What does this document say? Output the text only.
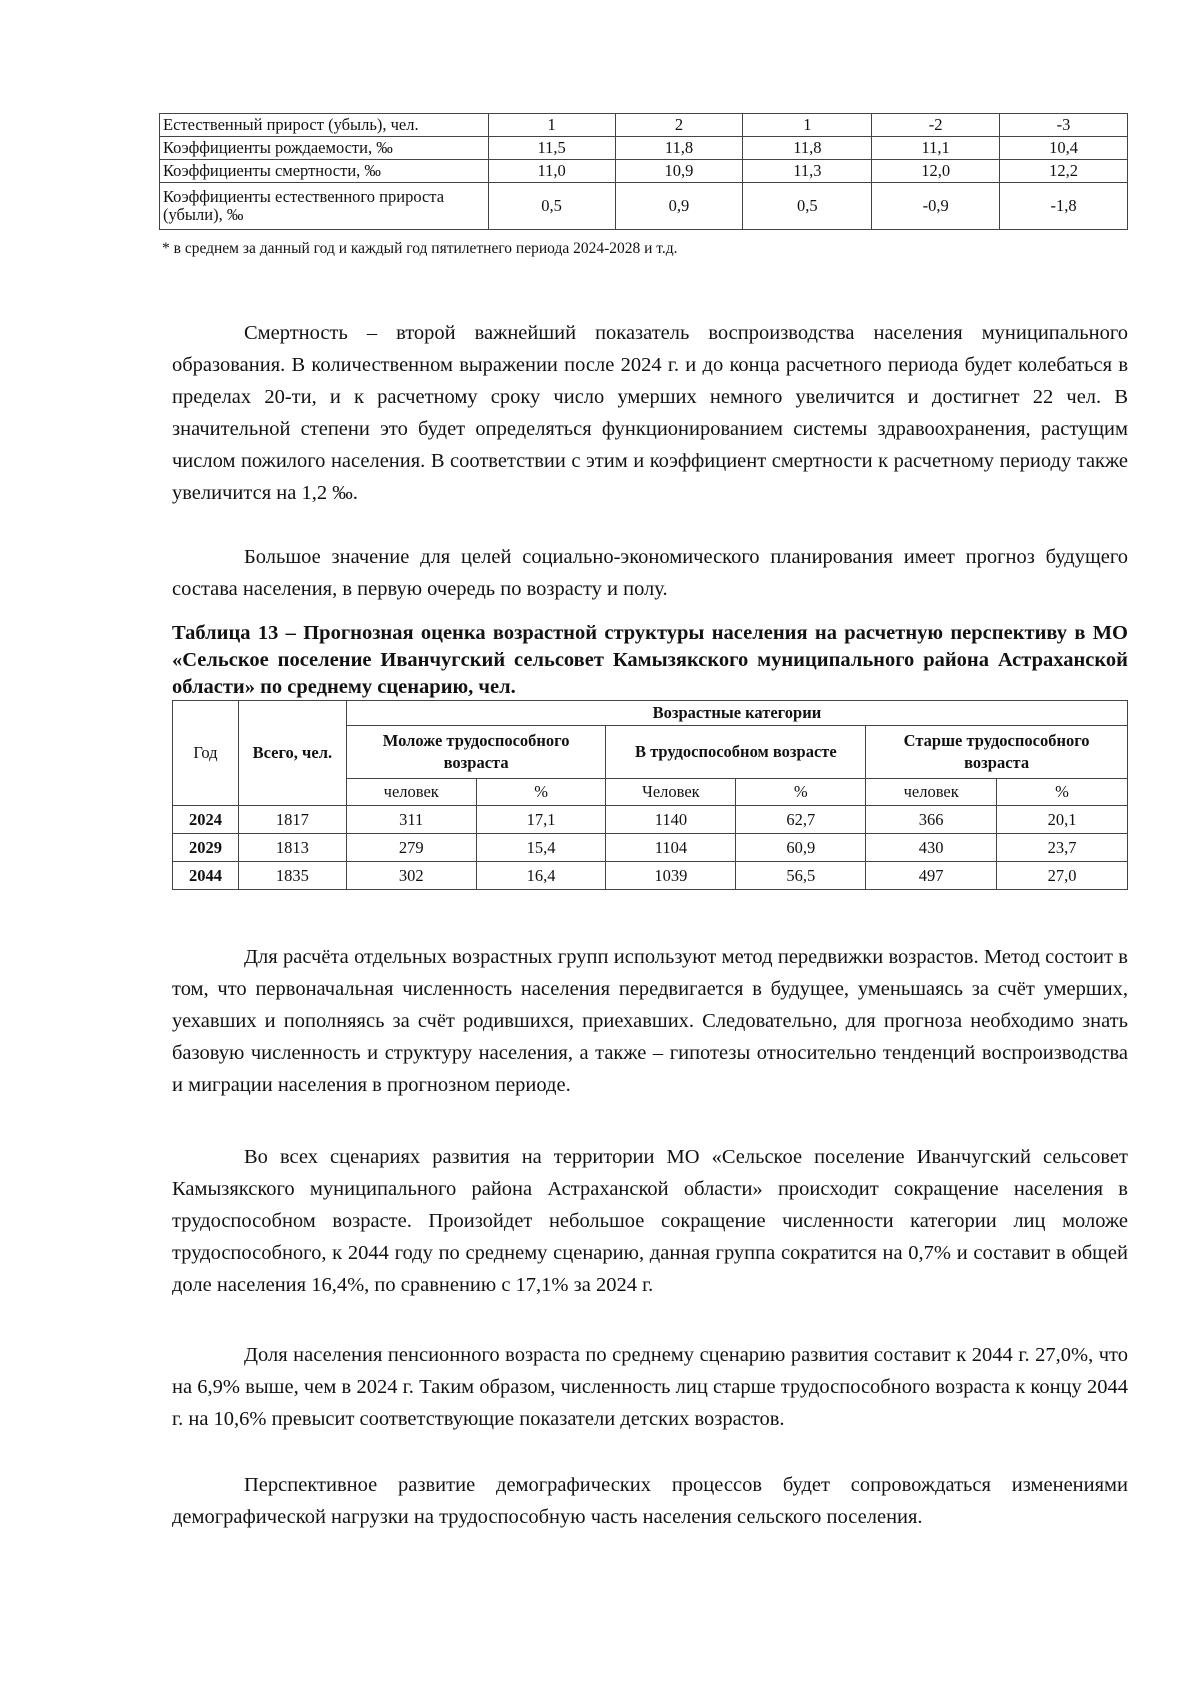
Естественный прирост (убыль), чел.	1	2	1	-2	-3
Коэффициенты рождаемости, ‰	11,5	11,8	11,8	11,1	10,4
Коэффициенты смертности, ‰	11,0	10,9	11,3	12,0	12,2
Коэффициенты естественного прироста (убыли), ‰	0,5	0,9	0,5	-0,9	-1,8
* в среднем за данный год и каждый год пятилетнего периода 2024-2028 и т.д.

Смертность – второй важнейший показатель воспроизводства населения муниципального образования. В количественном выражении после 2024 г. и до конца расчетного периода будет колебаться в пределах 20-ти, и к расчетному сроку число умерших немного увеличится и достигнет 22 чел. В значительной степени это будет определяться функционированием системы здравоохранения, растущим числом пожилого населения. В соответствии с этим и коэффициент смертности к расчетному периоду также увеличится на 1,2 ‰.

Большое значение для целей социально-экономического планирования имеет прогноз будущего состава населения, в первую очередь по возрасту и полу.

Таблица 13 – Прогнозная оценка возрастной структуры населения на расчетную перспективу в МО «Сельское поселение Иванчугский сельсовет Камызякского муниципального района Астраханской области» по среднему сценарию, чел.
Год	Всего, чел.	Возрастные категории					
		Моложе трудоспособного возраста		В трудоспособном возрасте		Старше трудоспособного возраста	
		человек	%	Человек	%	человек	%
2024	1817	311	17,1	1140	62,7	366	20,1
2029	1813	279	15,4	1104	60,9	430	23,7
2044	1835	302	16,4	1039	56,5	497	27,0

Для расчёта отдельных возрастных групп используют метод передвижки возрастов. Метод состоит в том, что первоначальная численность населения передвигается в будущее, уменьшаясь за счёт умерших, уехавших и пополняясь за счёт родившихся, приехавших. Следовательно, для прогноза необходимо знать базовую численность и структуру населения, а также – гипотезы относительно тенденций воспроизводства и миграции населения в прогнозном периоде.

Во всех сценариях развития на территории МО «Сельское поселение Иванчугский сельсовет Камызякского муниципального района Астраханской области» происходит сокращение населения в трудоспособном возрасте. Произойдет небольшое сокращение численности категории лиц моложе трудоспособного, к 2044 году по среднему сценарию, данная группа сократится на 0,7% и составит в общей доле населения 16,4%, по сравнению с 17,1% за 2024 г.

Доля населения пенсионного возраста по среднему сценарию развития составит к 2044 г. 27,0%, что на 6,9% выше, чем в 2024 г. Таким образом, численность лиц старше трудоспособного возраста к концу 2044 г. на 10,6% превысит соответствующие показатели детских возрастов.

Перспективное развитие демографических процессов будет сопровождаться изменениями демографической нагрузки на трудоспособную часть населения сельского поселения.
